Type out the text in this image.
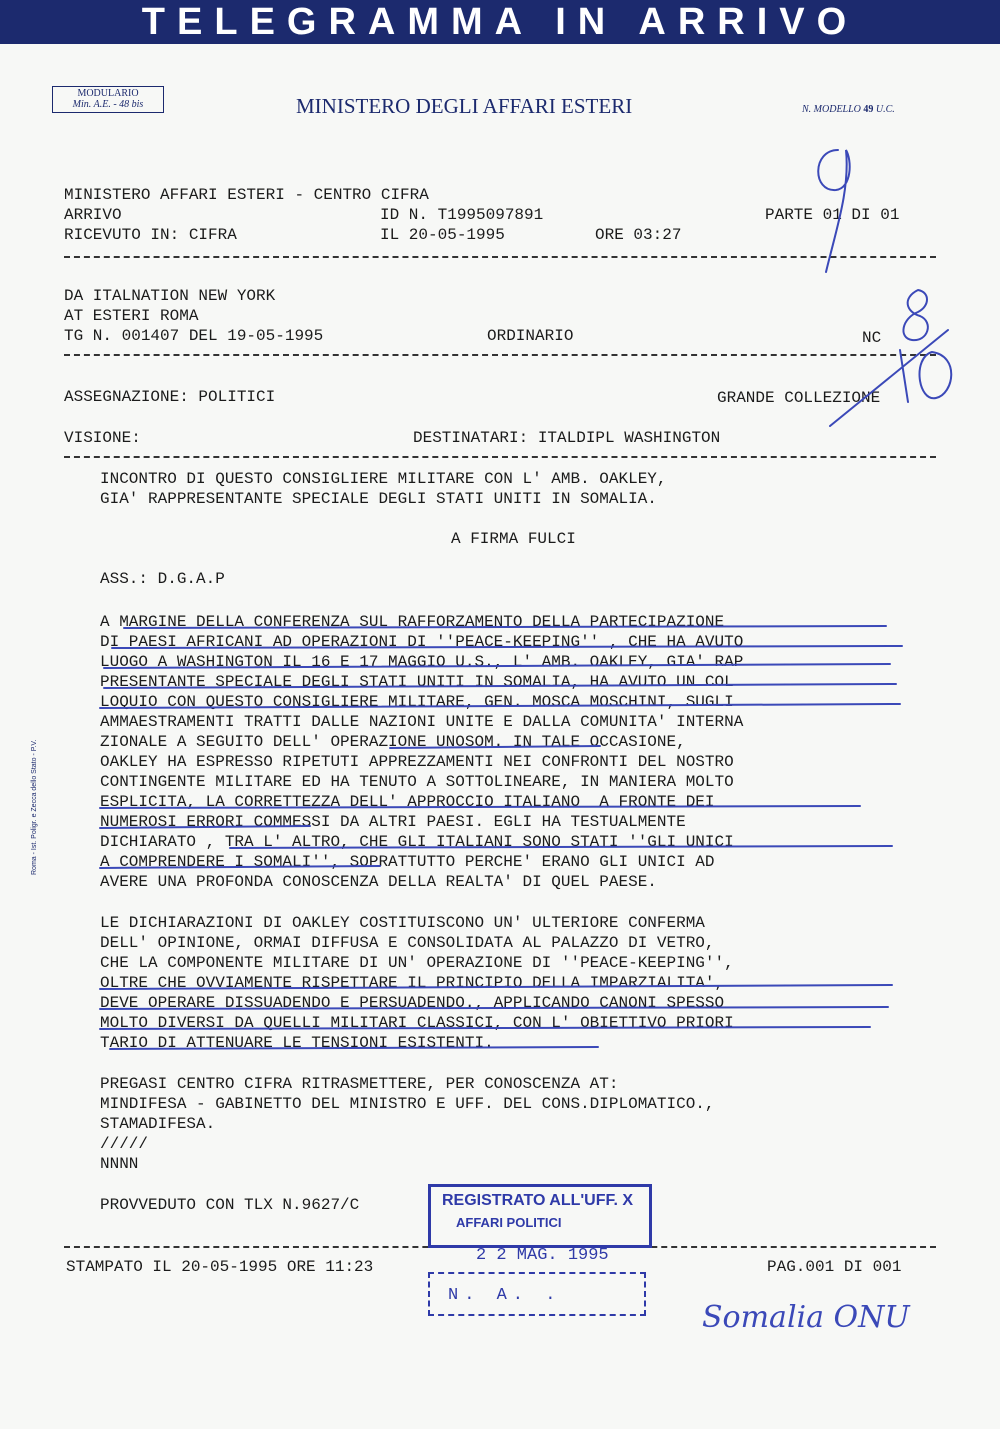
TELEGRAMMA IN ARRIVO
MODULARIO
Min. A.E. - 48 bis	MINISTERO DEGLI AFFARI ESTERI	N. MODELLO 49 U.C.
Roma - Ist. Poligr. e Zecca dello Stato - P.V.
MINISTERO AFFARI ESTERI - CENTRO CIFRA
ARRIVO	ID N. T1995097891	PARTE 01 DI 01
RICEVUTO IN: CIFRA	IL 20-05-1995	ORE 03:27
DA ITALNATION NEW YORK
AT ESTERI ROMA
TG N. 001407 DEL 19-05-1995	ORDINARIO	NC
ASSEGNAZIONE: POLITICI	GRANDE COLLEZIONE
VISIONE:	DESTINATARI: ITALDIPL WASHINGTON
INCONTRO DI QUESTO CONSIGLIERE MILITARE CON L' AMB. OAKLEY,
GIA' RAPPRESENTANTE SPECIALE DEGLI STATI UNITI IN SOMALIA.
A FIRMA FULCI
ASS.: D.G.A.P
A MARGINE DELLA CONFERENZA SUL RAFFORZAMENTO DELLA PARTECIPAZIONE
DI PAESI AFRICANI AD OPERAZIONI DI ''PEACE-KEEPING'' , CHE HA AVUTO
LUOGO A WASHINGTON IL 16 E 17 MAGGIO U.S., L' AMB. OAKLEY, GIA' RAP
PRESENTANTE SPECIALE DEGLI STATI UNITI IN SOMALIA, HA AVUTO UN COL
LOQUIO CON QUESTO CONSIGLIERE MILITARE, GEN. MOSCA MOSCHINI, SUGLI
AMMAESTRAMENTI TRATTI DALLE NAZIONI UNITE E DALLA COMUNITA' INTERNA
ZIONALE A SEGUITO DELL' OPERAZIONE UNOSOM. IN TALE OCCASIONE,
OAKLEY HA ESPRESSO RIPETUTI APPREZZAMENTI NEI CONFRONTI DEL NOSTRO
CONTINGENTE MILITARE ED HA TENUTO A SOTTOLINEARE, IN MANIERA MOLTO
ESPLICITA, LA CORRETTEZZA DELL' APPROCCIO ITALIANO  A FRONTE DEI
NUMEROSI ERRORI COMMESSI DA ALTRI PAESI. EGLI HA TESTUALMENTE
DICHIARATO , TRA L' ALTRO, CHE GLI ITALIANI SONO STATI ''GLI UNICI
A COMPRENDERE I SOMALI'', SOPRATTUTTO PERCHE' ERANO GLI UNICI AD
AVERE UNA PROFONDA CONOSCENZA DELLA REALTA' DI QUEL PAESE.
LE DICHIARAZIONI DI OAKLEY COSTITUISCONO UN' ULTERIORE CONFERMA
DELL' OPINIONE, ORMAI DIFFUSA E CONSOLIDATA AL PALAZZO DI VETRO,
CHE LA COMPONENTE MILITARE DI UN' OPERAZIONE DI ''PEACE-KEEPING'',
OLTRE CHE OVVIAMENTE RISPETTARE IL PRINCIPIO DELLA IMPARZIALITA',
DEVE OPERARE DISSUADENDO E PERSUADENDO., APPLICANDO CANONI SPESSO
MOLTO DIVERSI DA QUELLI MILITARI CLASSICI, CON L' OBIETTIVO PRIORI
TARIO DI ATTENUARE LE TENSIONI ESISTENTI.
PREGASI CENTRO CIFRA RITRASMETTERE, PER CONOSCENZA AT:
MINDIFESA - GABINETTO DEL MINISTRO E UFF. DEL CONS.DIPLOMATICO.,
STAMADIFESA.
/////
NNNN
PROVVEDUTO CON TLX N.9627/C
STAMPATO IL 20-05-1995 ORE 11:23	PAG.001 DI 001
REGISTRATO ALL'UFF. X
AFFARI POLITICI
2 2 MAG. 1995
N. A. .
Somalia ONU
